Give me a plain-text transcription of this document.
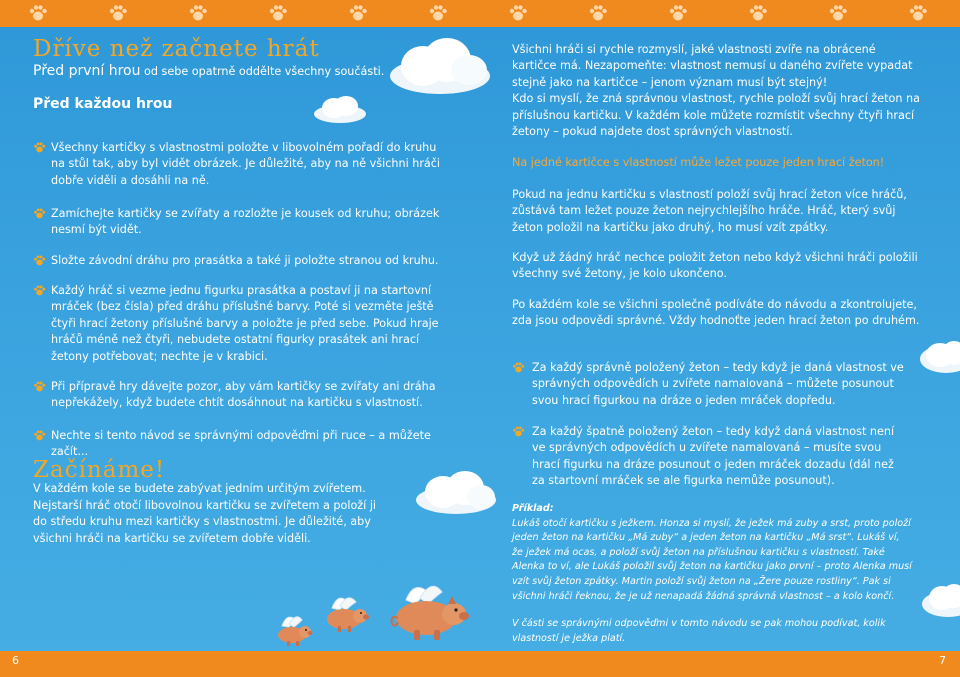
6	7
Dříve než začnete hrát

Před první hrou od sebe opatrně oddělte všechny součásti.

Před každou hrou

Všechny kartičky s vlastnostmi položte v libovolném pořadí do kruhu na stůl tak, aby byl vidět obrázek. Je důležité, aby na ně všichni hráči dobře viděli a dosáhli na ně.

Zamíchejte kartičky se zvířaty a rozložte je kousek od kruhu; obrázek nesmí být vidět.

Složte závodní dráhu pro prasátka a také ji položte stranou od kruhu.

Každý hráč si vezme jednu figurku prasátka a postaví ji na startovní mráček (bez čísla) před dráhu příslušné barvy. Poté si vezměte ještě čtyři hrací žetony příslušné barvy a položte je před sebe. Pokud hraje hráčů méně než čtyři, nebudete ostatní figurky prasátek ani hrací žetony potřebovat; nechte je v krabici.

Při přípravě hry dávejte pozor, aby vám kartičky se zvířaty ani dráha nepřekážely, když budete chtít dosáhnout na kartičku s vlastností.

Nechte si tento návod se správnými odpověďmi při ruce – a můžete začít...

Začínáme!

V každém kole se budete zabývat jedním určitým zvířetem. Nejstarší hráč otočí libovolnou kartičku se zvířetem a položí ji do středu kruhu mezi kartičky s vlastnostmi. Je důležité, aby všichni hráči na kartičku se zvířetem dobře viděli.

Všichni hráči si rychle rozmyslí, jaké vlastnosti zvíře na obrácené kartičce má. Nezapomeňte: vlastnost nemusí u daného zvířete vypadat stejně jako na kartičce – jenom význam musí být stejný!

Kdo si myslí, že zná správnou vlastnost, rychle položí svůj hrací žeton na příslušnou kartičku. V každém kole můžete rozmístit všechny čtyři hrací žetony – pokud najdete dost správných vlastností.

Na jedné kartičce s vlastností může ležet pouze jeden hrací žeton!

Pokud na jednu kartičku s vlastností položí svůj hrací žeton více hráčů, zůstává tam ležet pouze žeton nejrychlejšího hráče. Hráč, který svůj žeton položil na kartičku jako druhý, ho musí vzít zpátky.

Když už žádný hráč nechce položit žeton nebo když všichni hráči položili všechny své žetony, je kolo ukončeno.

Po každém kole se všichni společně podíváte do návodu a zkontrolujete, zda jsou odpovědi správné. Vždy hodnoťte jeden hrací žeton po druhém.

Za každý správně položený žeton – tedy když je daná vlastnost ve správných odpovědích u zvířete namalovaná – můžete posunout svou hrací figurkou na dráze o jeden mráček dopředu.

Za každý špatně položený žeton – tedy když daná vlastnost není ve správných odpovědích u zvířete namalovaná – musíte svou hrací figurku na dráze posunout o jeden mráček dozadu (dál než za startovní mráček se ale figurka nemůže posunout).

Příklad:

Lukáš otočí kartičku s ježkem. Honza si myslí, že ježek má zuby a srst, proto položí jeden žeton na kartičku „Má zuby“ a jeden žeton na kartičku „Má srst“. Lukáš ví, že ježek má ocas, a položí svůj žeton na příslušnou kartičku s vlastností. Také Alenka to ví, ale Lukáš položil svůj žeton na kartičku jako první – proto Alenka musí vzít svůj žeton zpátky. Martin položí svůj žeton na „Žere pouze rostliny“. Pak si všichni hráči řeknou, že je už nenapadá žádná správná vlastnost – a kolo končí.

V části se správnými odpověďmi v tomto návodu se pak mohou podívat, kolik vlastností je ježka platí.
